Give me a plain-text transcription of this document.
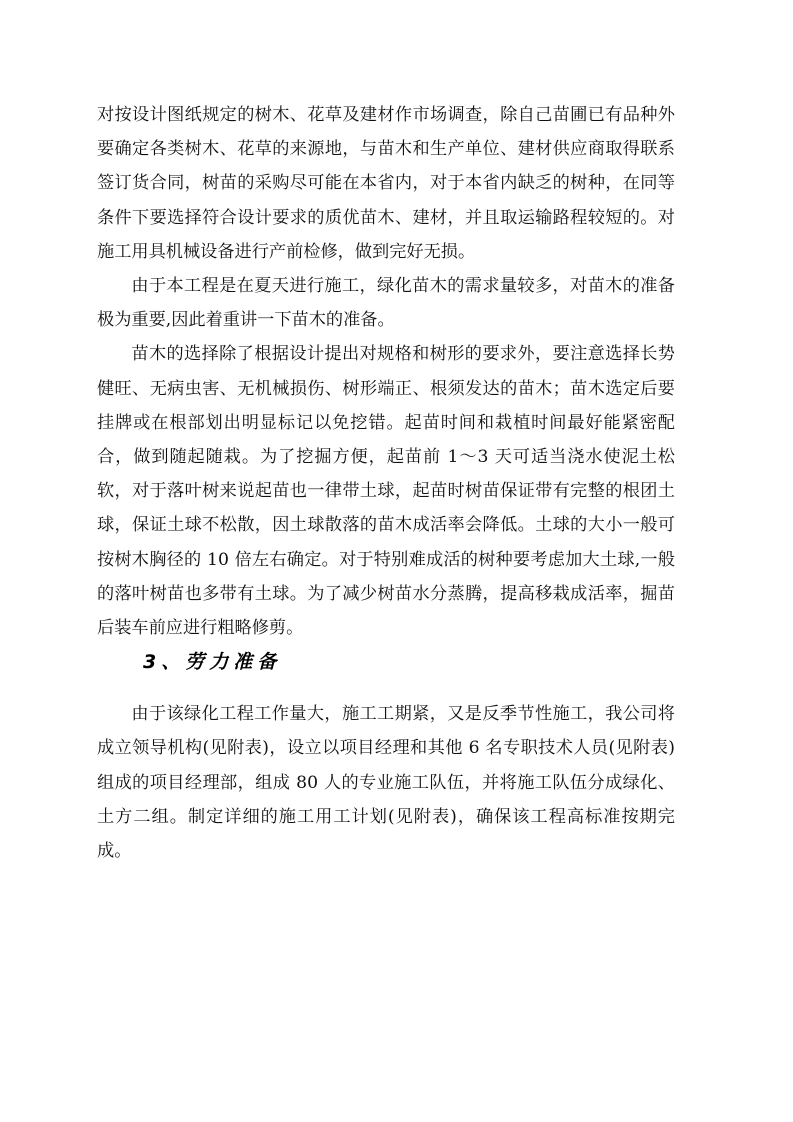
对按设计图纸规定的树木、花草及建材作市场调查，除自己苗圃已有品种外要确定各类树木、花草的来源地，与苗木和生产单位、建材供应商取得联系签订货合同，树苗的采购尽可能在本省内，对于本省内缺乏的树种，在同等条件下要选择符合设计要求的质优苗木、建材，并且取运输路程较短的。对施工用具机械设备进行产前检修，做到完好无损。

由于本工程是在夏天进行施工，绿化苗木的需求量较多，对苗木的准备极为重要,因此着重讲一下苗木的准备。

苗木的选择除了根据设计提出对规格和树形的要求外，要注意选择长势健旺、无病虫害、无机械损伤、树形端正、根须发达的苗木；苗木选定后要挂牌或在根部划出明显标记以免挖错。起苗时间和栽植时间最好能紧密配合，做到随起随栽。为了挖掘方便，起苗前 1～3 天可适当浇水使泥土松软，对于落叶树来说起苗也一律带土球，起苗时树苗保证带有完整的根团土球，保证土球不松散，因土球散落的苗木成活率会降低。土球的大小一般可按树木胸径的 10 倍左右确定。对于特别难成活的树种要考虑加大土球,一般的落叶树苗也多带有土球。为了减少树苗水分蒸腾，提高移栽成活率，掘苗后装车前应进行粗略修剪。

3、劳力准备

由于该绿化工程工作量大，施工工期紧，又是反季节性施工，我公司将成立领导机构(见附表)，设立以项目经理和其他 6 名专职技术人员(见附表) 组成的项目经理部，组成 80 人的专业施工队伍，并将施工队伍分成绿化、土方二组。制定详细的施工用工计划(见附表)，确保该工程高标准按期完成。
